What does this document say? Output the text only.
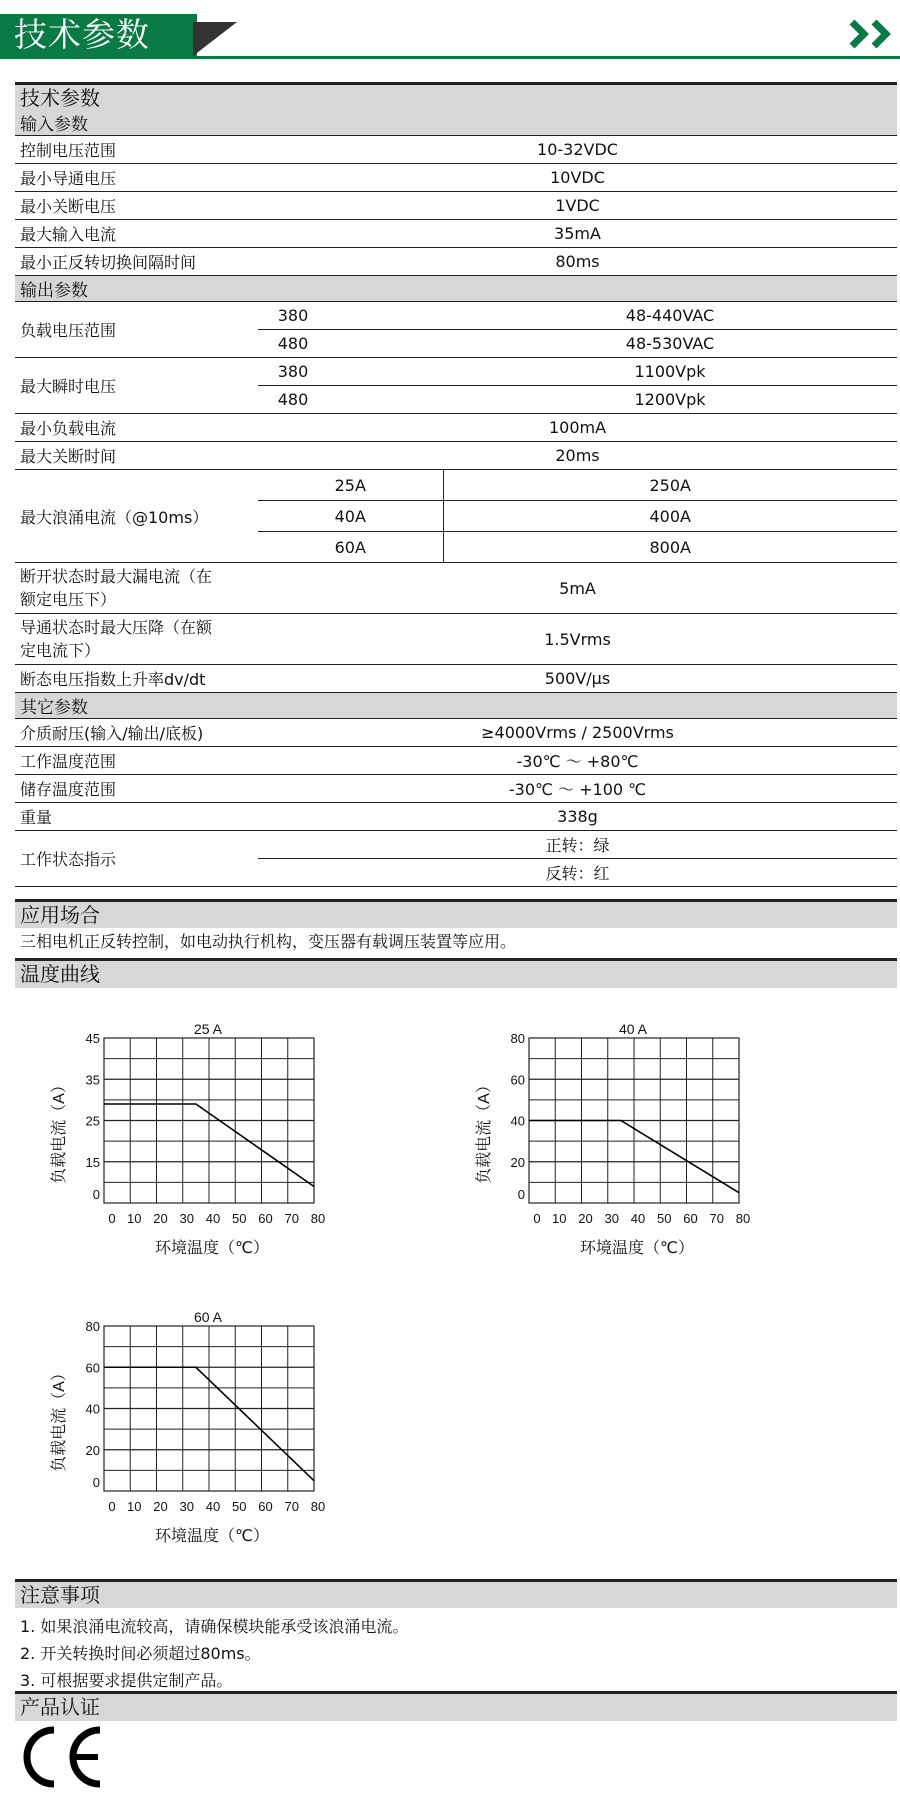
技术参数
技术参数
输入参数		
控制电压范围	10-32VDC	
最小导通电压	10VDC	
最小关断电压	1VDC	
最大输入电流	35mA	
最小正反转切换间隔时间	80ms	
输出参数		
负载电压范围	380	48-440VAC
	480	48-530VAC
最大瞬时电压	380	1100Vpk
	480	1200Vpk
最小负载电流	100mA	
最大关断时间	20ms	
最大浪涌电流（@10ms）	25A	250A
	40A	400A
	60A	800A
断开状态时最大漏电流（在
额定电压下）	5mA	
导通状态时最大压降（在额
定电流下）	1.5Vrms	
断态电压指数上升率dv/dt	500V/μs	
其它参数		
介质耐压(输入/输出/底板)	≥4000Vrms / 2500Vrms	
工作温度范围	-30℃ ～ +80℃	
储存温度范围	-30℃ ～ +100 ℃	
重量	338g	
工作状态指示	正转：绿	
	反转：红	
应用场合
三相电机正反转控制，如电动执行机构，变压器有载调压装置等应用。
温度曲线
45
35
25
15
0
0 10 20 30 40 50 60 70 80
25 A
环境温度（℃）
负载电流（A）
80
60
40
20
0
0 10 20 30 40 50 60 70 80
40 A
环境温度（℃）
负载电流（A）
80
60
40
20
0
0 10 20 30 40 50 60 70 80
60 A
环境温度（℃）
负载电流（A）
注意事项
1. 如果浪涌电流较高，请确保模块能承受该浪涌电流。
2. 开关转换时间必须超过80ms。
3. 可根据要求提供定制产品。
产品认证
